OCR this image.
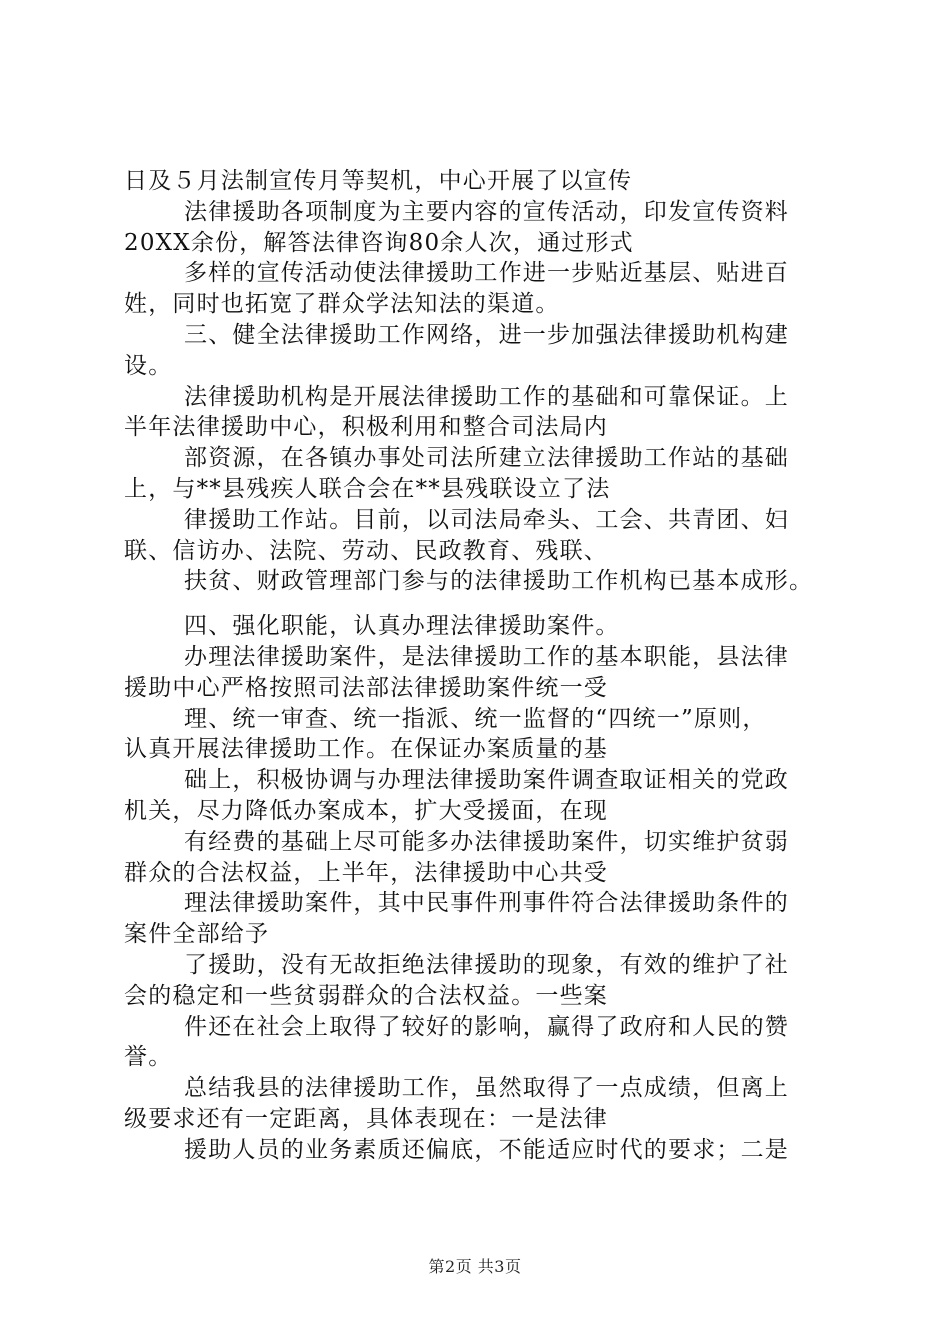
日及５月法制宣传月等契机，中心开展了以宣传
法律援助各项制度为主要内容的宣传活动，印发宣传资料
20XX余份，解答法律咨询80余人次，通过形式
多样的宣传活动使法律援助工作进一步贴近基层、贴进百
姓，同时也拓宽了群众学法知法的渠道。
三、健全法律援助工作网络，进一步加强法律援助机构建
设。
法律援助机构是开展法律援助工作的基础和可靠保证。上
半年法律援助中心，积极利用和整合司法局内
部资源，在各镇办事处司法所建立法律援助工作站的基础
上，与**县残疾人联合会在**县残联设立了法
律援助工作站。目前，以司法局牵头、工会、共青团、妇
联、信访办、法院、劳动、民政教育、残联、
扶贫、财政管理部门参与的法律援助工作机构已基本成形。
四、强化职能，认真办理法律援助案件。
办理法律援助案件，是法律援助工作的基本职能，县法律
援助中心严格按照司法部法律援助案件统一受
理、统一审查、统一指派、统一监督的“四统一”原则，
认真开展法律援助工作。在保证办案质量的基
础上，积极协调与办理法律援助案件调查取证相关的党政
机关，尽力降低办案成本，扩大受援面，在现
有经费的基础上尽可能多办法律援助案件，切实维护贫弱
群众的合法权益，上半年，法律援助中心共受
理法律援助案件，其中民事件刑事件符合法律援助条件的
案件全部给予
了援助，没有无故拒绝法律援助的现象，有效的维护了社
会的稳定和一些贫弱群众的合法权益。一些案
件还在社会上取得了较好的影响，赢得了政府和人民的赞
誉。
总结我县的法律援助工作，虽然取得了一点成绩，但离上
级要求还有一定距离，具体表现在：一是法律
援助人员的业务素质还偏底，不能适应时代的要求；二是
第2页 共3页
